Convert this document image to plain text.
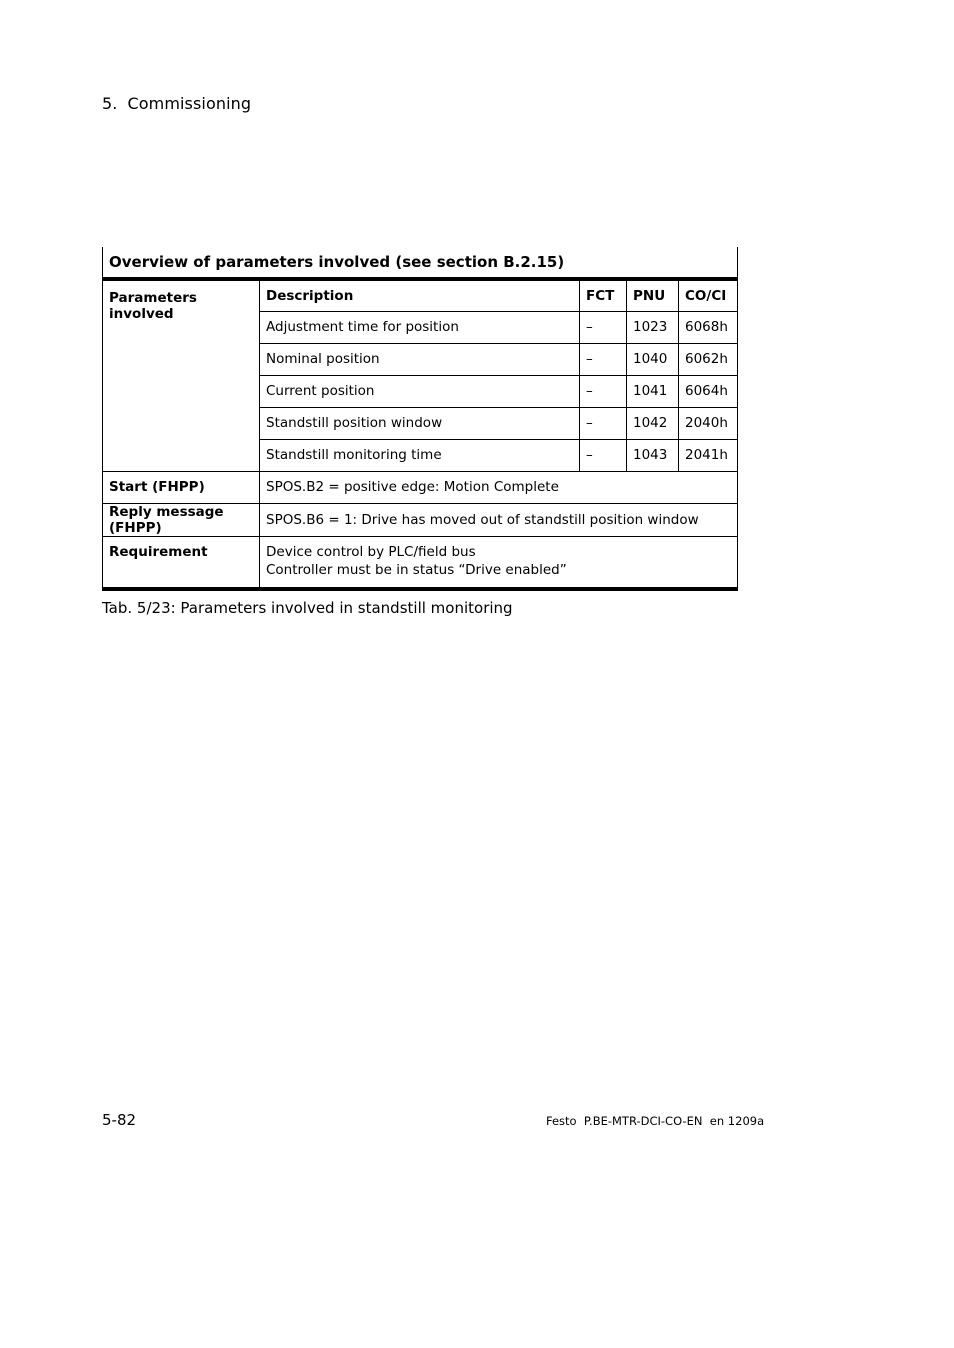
5. Commissioning
Overview of parameters involved (see section B.2.15)				
Parameters involved	Description	FCT	PNU	CO/CI
	Adjustment time for position	–	1023	6068h
	Nominal position	–	1040	6062h
	Current position	–	1041	6064h
	Standstill position window	–	1042	2040h
	Standstill monitoring time	–	1043	2041h
Start (FHPP)	SPOS.B2 = positive edge: Motion Complete			
Reply message (FHPP)	SPOS.B6 = 1: Drive has moved out of standstill position window			
Requirement	Device control by PLC/field bus
Controller must be in status “Drive enabled”			
Tab. 5/23: Parameters involved in standstill monitoring
5-82	Festo  P.BE-MTR-DCI-CO-EN  en 1209a
